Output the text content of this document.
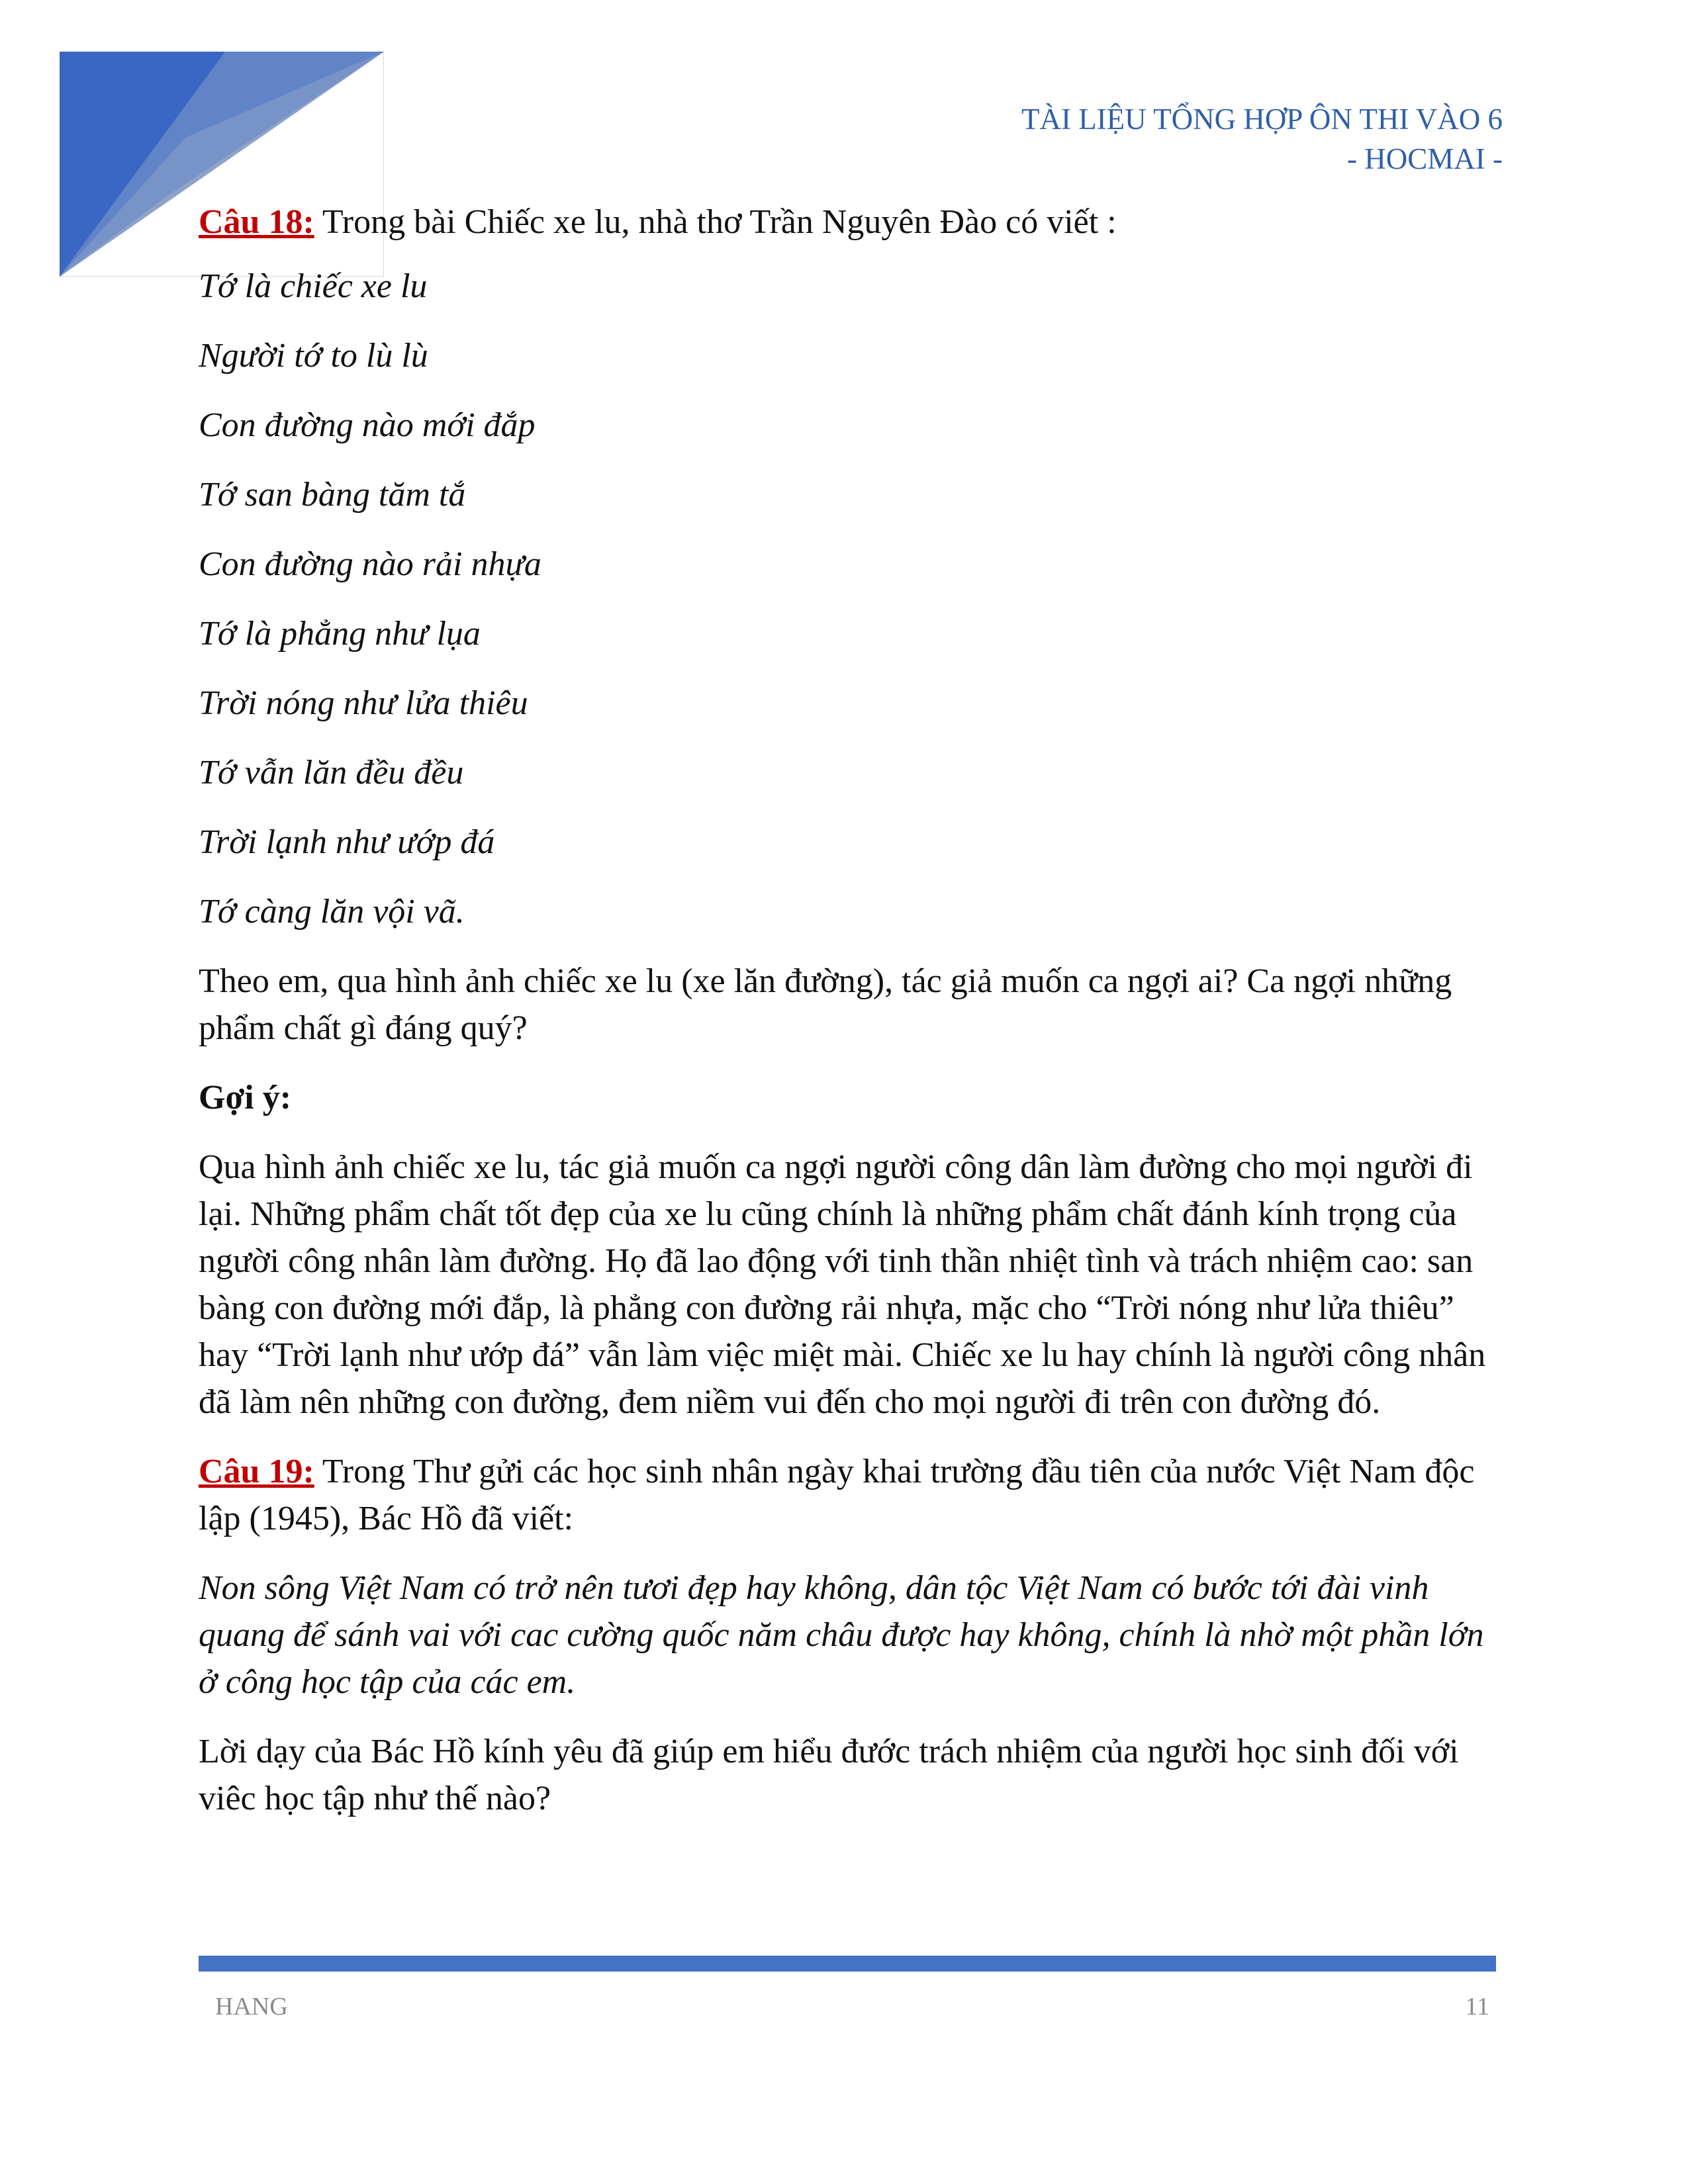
TÀI LIỆU TỔNG HỢP ÔN THI VÀO 6
- HOCMAI -

Câu 18: Trong bài Chiếc xe lu, nhà thơ Trần Nguyên Đào có viết :

Tớ là chiếc xe lu

Người tớ to lù lù

Con đường nào mới đắp

Tớ san bàng tăm tắ

Con đường nào rải nhựa

Tớ là phẳng như lụa

Trời nóng như lửa thiêu

Tớ vẫn lăn đều đều

Trời lạnh như ướp đá

Tớ càng lăn vội vã.

Theo em, qua hình ảnh chiếc xe lu (xe lăn đường), tác giả muốn ca ngợi ai? Ca ngợi những phẩm chất gì đáng quý?

Gợi ý:

Qua hình ảnh chiếc xe lu, tác giả muốn ca ngợi người công dân làm đường cho mọi người đi lại. Những phẩm chất tốt đẹp của xe lu cũng chính là những phẩm chất đánh kính trọng của người công nhân làm đường. Họ đã lao động với tinh thần nhiệt tình và trách nhiệm cao: san bàng con đường mới đắp, là phẳng con đường rải nhựa, mặc cho “Trời nóng như lửa thiêu” hay “Trời lạnh như ướp đá” vẫn làm việc miệt mài. Chiếc xe lu hay chính là người công nhân đã làm nên những con đường, đem niềm vui đến cho mọi người đi trên con đường đó.

Câu 19: Trong Thư gửi các học sinh nhân ngày khai trường đầu tiên của nước Việt Nam độc lập (1945), Bác Hồ đã viết:

Non sông Việt Nam có trở nên tươi đẹp hay không, dân tộc Việt Nam có bước tới đài vinh quang để sánh vai với cac cường quốc năm châu được hay không, chính là nhờ một phần lớn ở công học tập của các em.

Lời dạy của Bác Hồ kính yêu đã giúp em hiểu đước trách nhiệm của người học sinh đối với viêc học tập như thế nào?

HANG	11
